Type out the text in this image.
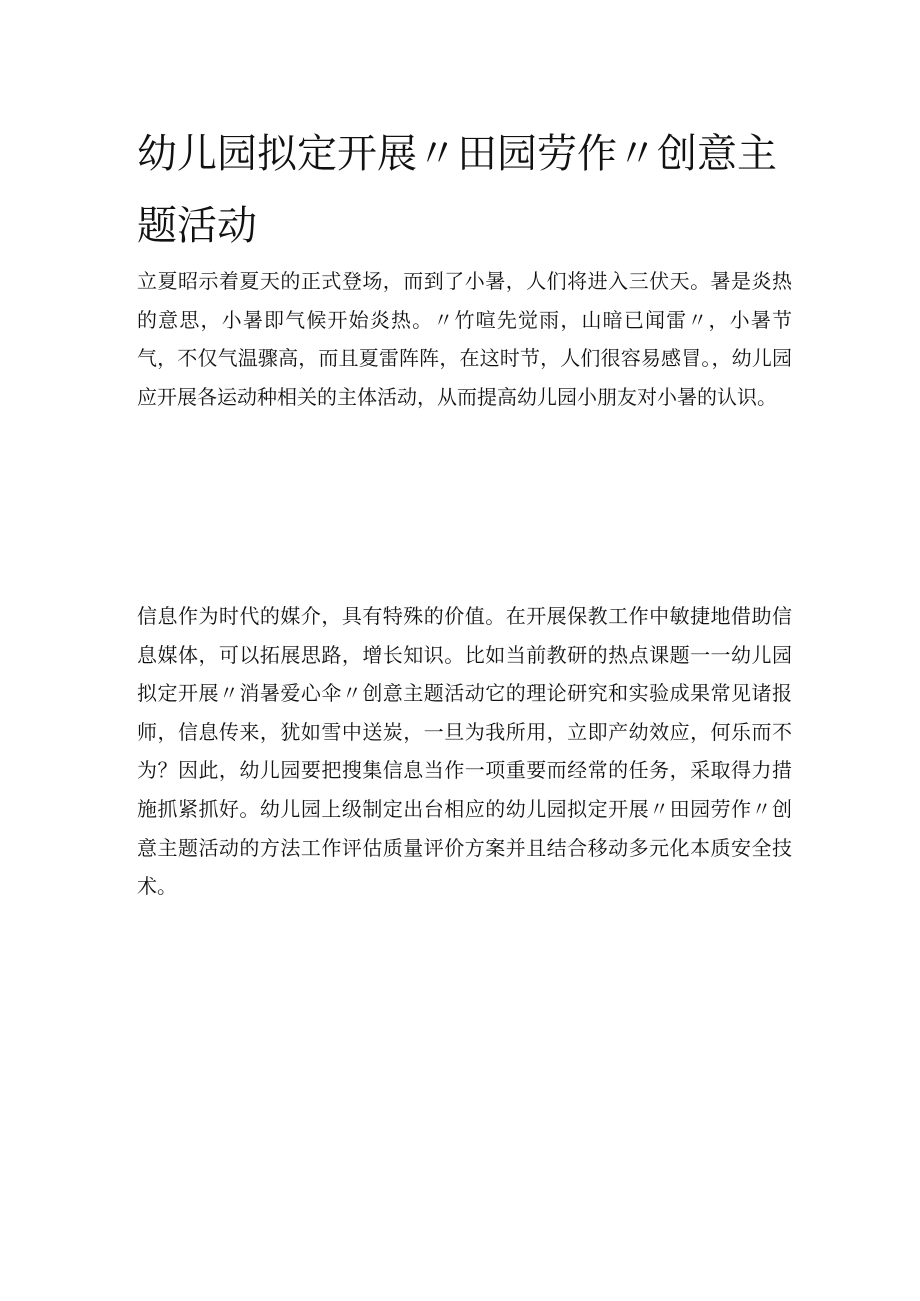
幼儿园拟定开展〃田园劳作〃创意主题活动

立夏昭示着夏天的正式登场，而到了小暑，人们将进入三伏天。暑是炎热的意思，小暑即气候开始炎热。〃竹喧先觉雨，山暗已闻雷〃，小暑节气，不仅气温骤高，而且夏雷阵阵，在这时节，人们很容易感冒。，幼儿园应开展各运动种相关的主体活动，从而提高幼儿园小朋友对小暑的认识。

信息作为时代的媒介，具有特殊的价值。在开展保教工作中敏捷地借助信息媒体，可以拓展思路，增长知识。比如当前教研的热点课题一一幼儿园拟定开展〃消暑爱心伞〃创意主题活动它的理论研究和实验成果常见诸报师，信息传来，犹如雪中送炭，一旦为我所用，立即产幼效应，何乐而不为？因此，幼儿园要把搜集信息当作一项重要而经常的任务，采取得力措施抓紧抓好。幼儿园上级制定出台相应的幼儿园拟定开展〃田园劳作〃创意主题活动的方法工作评估质量评价方案并且结合移动多元化本质安全技术。
